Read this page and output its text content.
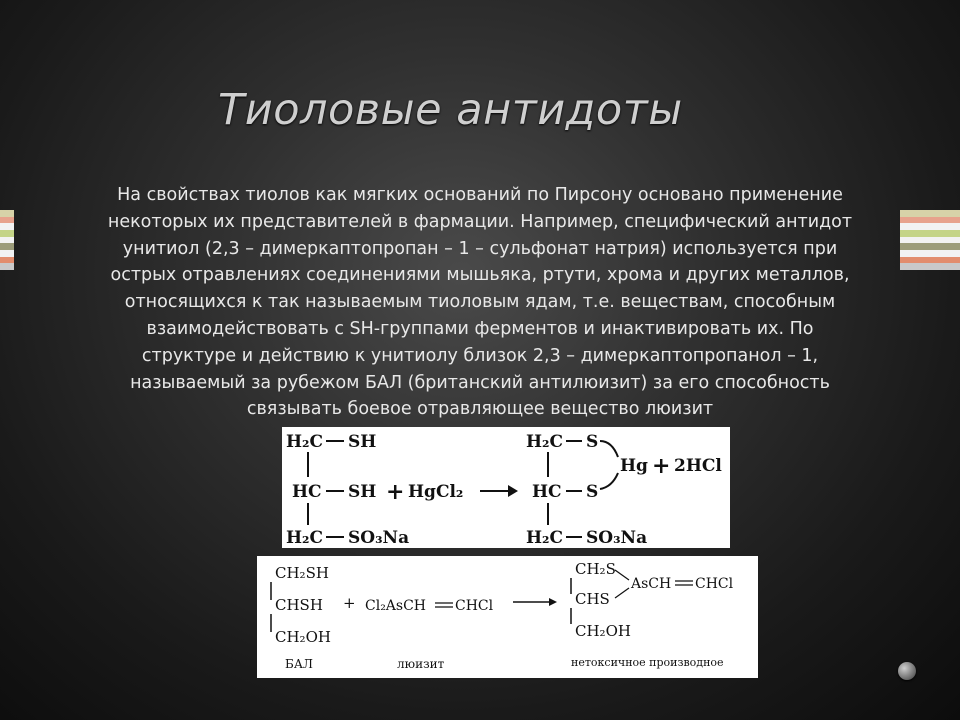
Тиоловые антидоты
На свойствах тиолов как мягких оснований по Пирсону основано применение
некоторых их представителей в фармации. Например, специфический антидот
унитиол (2,3 – димеркаптопропан – 1 – сульфонат натрия) используется при
острых отравлениях соединениями мышьяка, ртути, хрома и других металлов,
относящихся к так называемым тиоловым ядам, т.е. веществам, способным
взаимодействовать с SH-группами ферментов и инактивировать их. По
структуре и действию к унитиолу близок 2,3 – димеркаптопропанол – 1,
называемый за рубежом БАЛ (британский антилюизит) за его способность
связывать боевое отравляющее вещество люизит
H₂C SH
HC SH
H₂C SO₃Na
+ HgCl₂
H₂C S
HC S
Hg + 2HCl
H₂C SO₃Na
CH₂SH
CHSH
CH₂OH
БАЛ
+ Cl₂AsCH CHCl
люизит
CH₂S
AsCH CHCl
CHS
CH₂OH
нетоксичное производное
